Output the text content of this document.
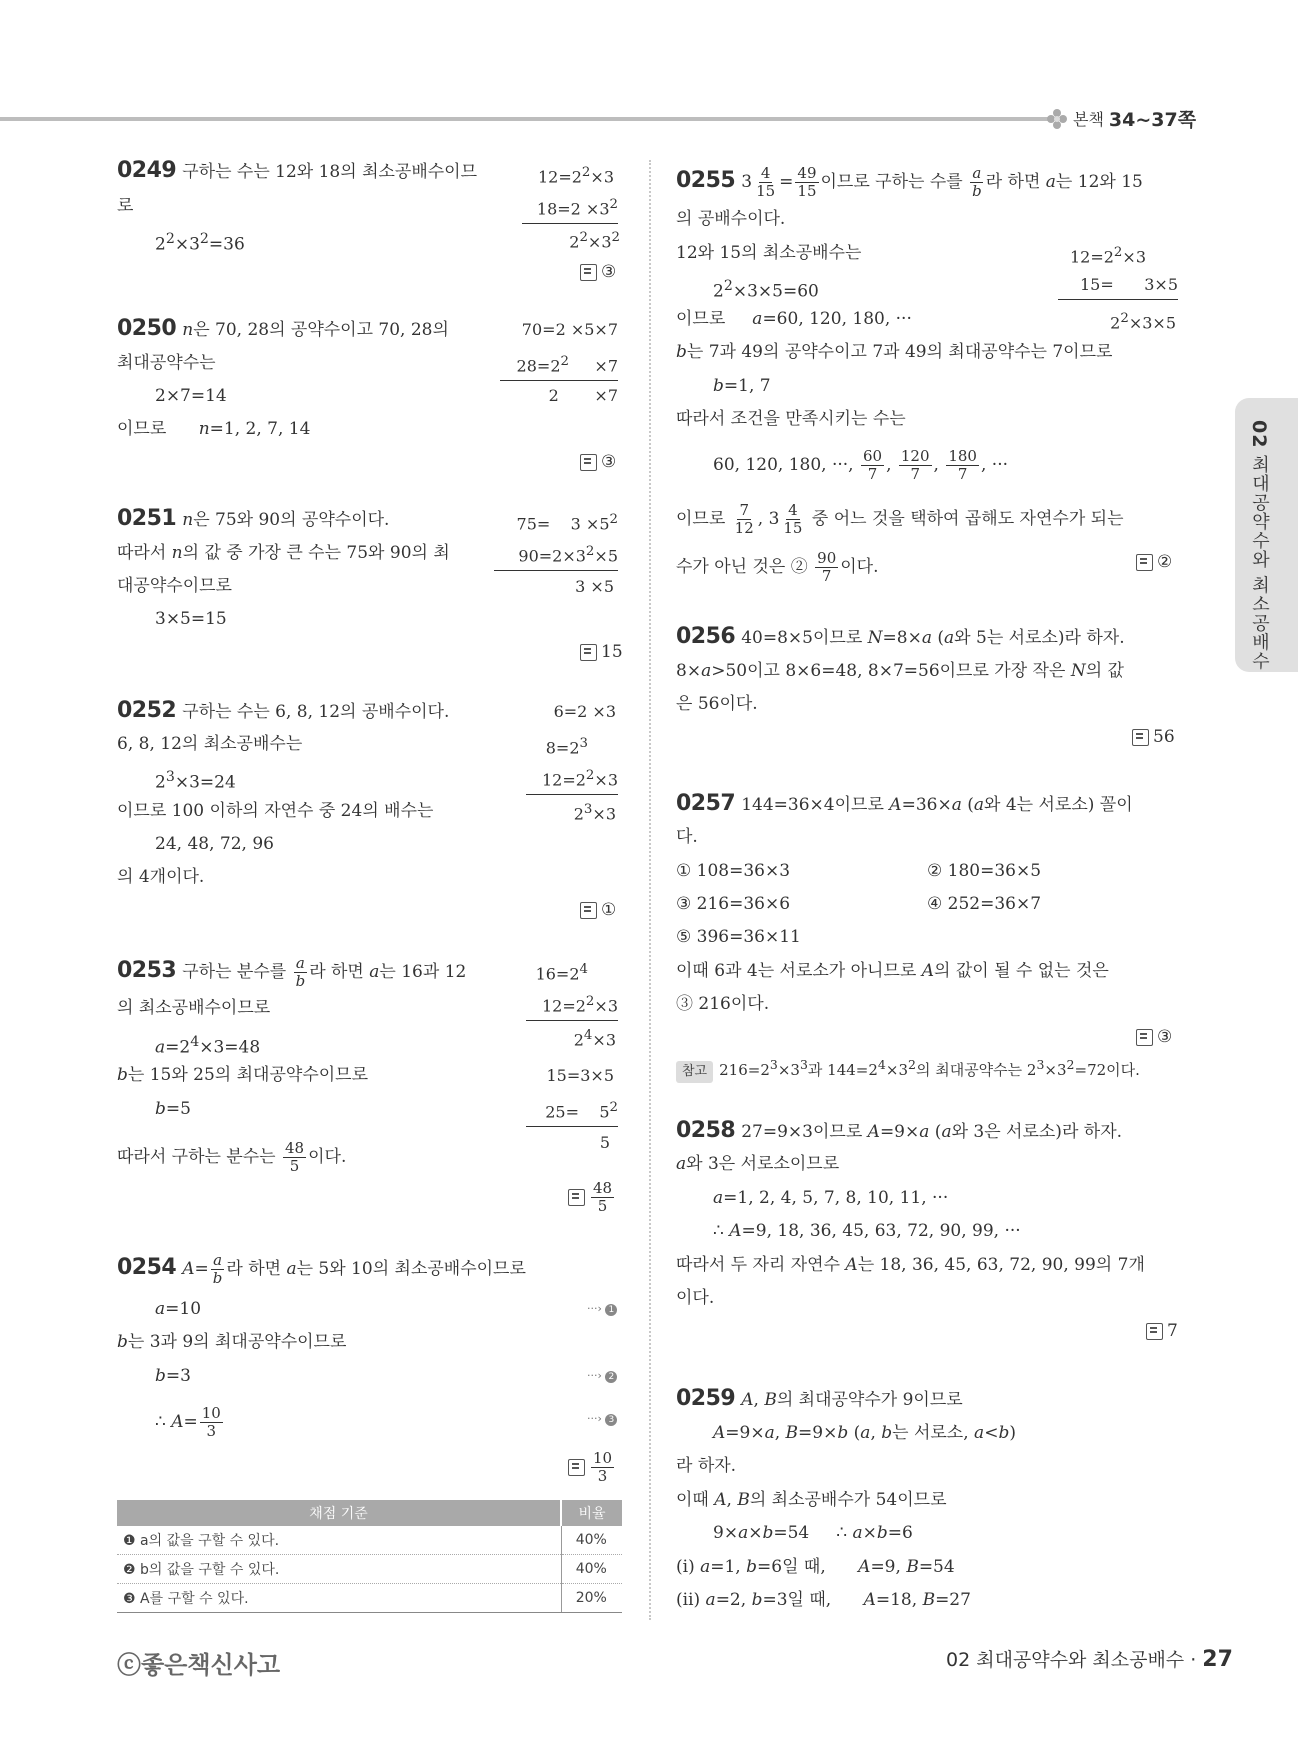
본책 34~37쪽
02 최대공약수와 최소공배수
0249 구하는 수는 12와 18의 최소공배수이므
로
$2^2\times 3^2=36$
$12=2^2\times 3$
$18=2 \times 3^2$
$2^2\times 3^2$
③
0250 n은 70, 28의 공약수이고 70, 28의
최대공약수는
2×7=14
이므로      n=1, 2, 7, 14
70=2 ×5×7
$28=2^2$     ×7
2       ×7
③
0251 n은 75와 90의 공약수이다.
따라서 n의 값 중 가장 큰 수는 75와 90의 최
대공약수이므로
3×5=15
75=    $3 \times 5^2$
$90=2\times 3^2\times 5$
3 ×5
15
0252 구하는 수는 6, 8, 12의 공배수이다.
6, 8, 12의 최소공배수는
$2^3\times 3=24$
이므로 100 이하의 자연수 중 24의 배수는
24, 48, 72, 96
의 4개이다.
6=2 ×3
$8=2^3$
$12=2^2\times 3$
$2^3\times 3$
①
0253 구하는 분수를 $\frac{a}{b}$ 라 하면 a는 16과 12
의 최소공배수이므로
$a=2^4\times 3=48$
b는 15와 25의 최대공약수이므로
b=5
따라서 구하는 분수는 $\frac{48}{5}$ 이다.
$16=2^4$
$12=2^2\times 3$
$2^4\times 3$
15=3×5
25=    $5^2$
5
$\frac{48}{5}$
0254 $A= \frac{a}{b}$ 라 하면 a는 5와 10의 최소공배수이므로
a=10	···› 1
b는 3과 9의 최대공약수이므로
b=3	···› 2
∴ $A= \frac{10}{3}$	···› 3
$\frac{10}{3}$
채점 기준	비율
❶ a의 값을 구할 수 있다.	40%
❷ b의 값을 구할 수 있다.	40%
❸ A를 구할 수 있다.	20%
0255 $3 \frac{4}{15} = \frac{49}{15}$ 이므로 구하는 수를 $\frac{a}{b}$ 라 하면 a는 12와 15
의 공배수이다.
12와 15의 최소공배수는
$2^2\times 3\times 5=60$
이므로     a=60, 120, 180, ···
b는 7과 49의 공약수이고 7과 49의 최대공약수는 7이므로
b=1, 7
따라서 조건을 만족시키는 수는
60, 120, 180, ···, $\frac{60}{7}$ , $\frac{120}{7}$ , $\frac{180}{7}$ , ···
이므로 $\frac{7}{12}$ , $3 \frac{4}{15}$ 중 어느 것을 택하여 곱해도 자연수가 되는
수가 아닌 것은 ② $\frac{90}{7}$ 이다.
$12=2^2\times 3$
15=      3×5
$2^2\times 3\times 5$
②
0256 40=8×5이므로 N=8×a (a와 5는 서로소)라 하자.
8×a>50이고 8×6=48, 8×7=56이므로 가장 작은 N의 값
은 56이다.
56
0257 144=36×4이므로 A=36×a (a와 4는 서로소) 꼴이
다.
① 108=36×3	② 180=36×5
③ 216=36×6	④ 252=36×7
⑤ 396=36×11
이때 6과 4는 서로소가 아니므로 A의 값이 될 수 없는 것은
③ 216이다.
③
참고 $216=2^3\times 3^3$과 $144=2^4\times 3^2$의 최대공약수는 $2^3\times 3^2=72$이다.
0258 27=9×3이므로 A=9×a (a와 3은 서로소)라 하자.
a와 3은 서로소이므로
a=1, 2, 4, 5, 7, 8, 10, 11, ···
∴ A=9, 18, 36, 45, 63, 72, 90, 99, ···
따라서 두 자리 자연수 A는 18, 36, 45, 63, 72, 90, 99의 7개
이다.
7
0259 A, B의 최대공약수가 9이므로
A=9×a, B=9×b (a, b는 서로소, a<b)
라 하자.
이때 A, B의 최소공배수가 54이므로
9×a×b=54     ∴ a×b=6
(ⅰ) a=1, b=6일 때,      A=9, B=54
(ⅱ) a=2, b=3일 때,      A=18, B=27
ⓒ좋은책신사고	02 최대공약수와 최소공배수 · 27
